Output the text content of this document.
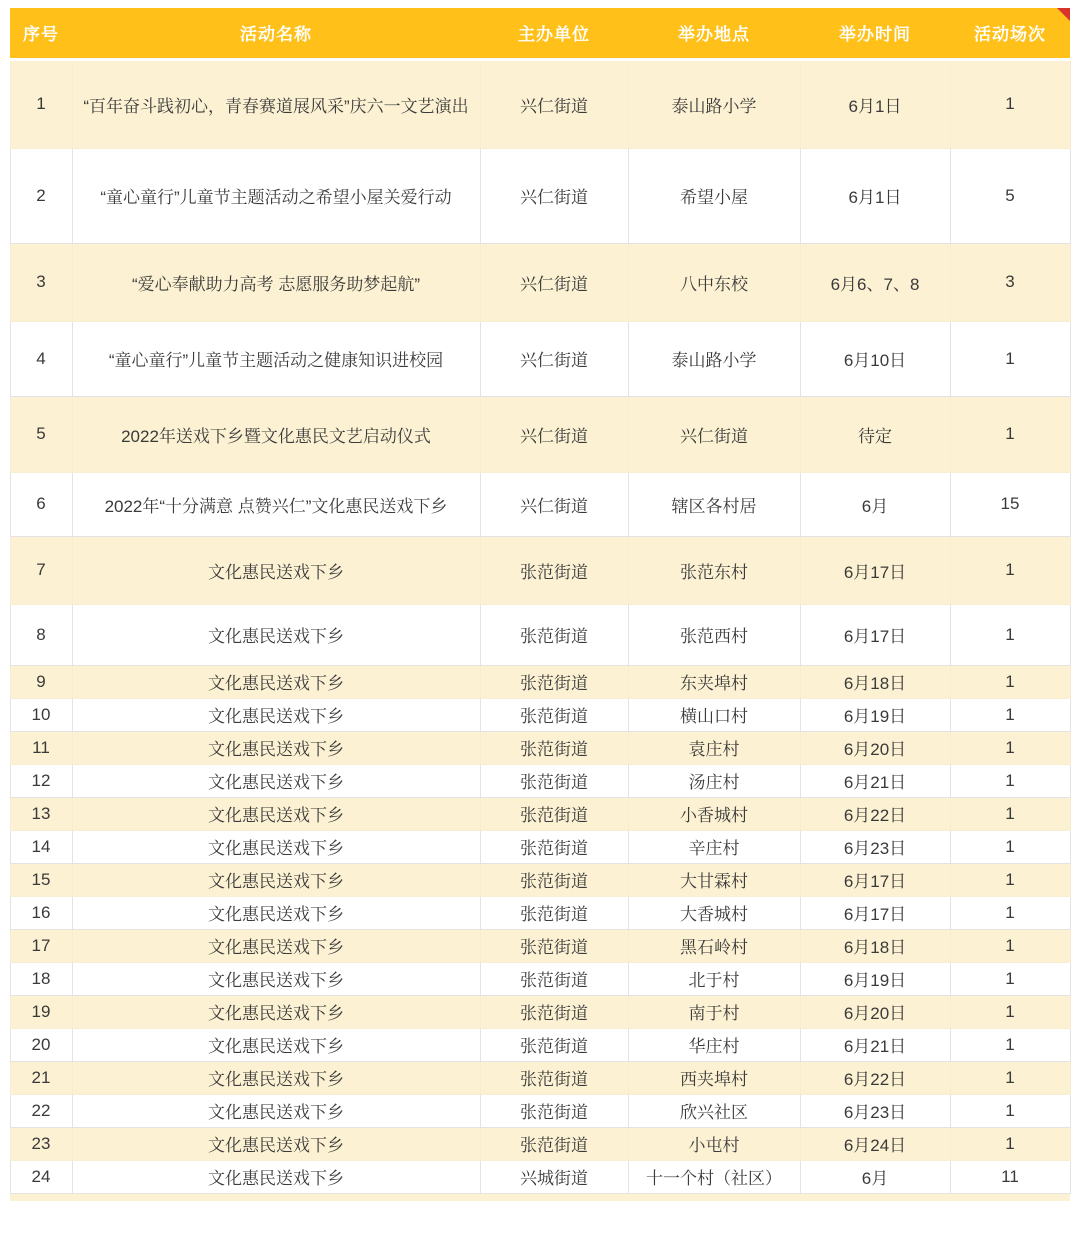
序号	活动名称	主办单位	举办地点	举办时间	活动场次

1	“百年奋斗践初心，青春赛道展风采”庆六一文艺演出	兴仁街道	泰山路小学	6月1日	1
2	“童心童行”儿童节主题活动之希望小屋关爱行动	兴仁街道	希望小屋	6月1日	5
3	“爱心奉献助力高考 志愿服务助梦起航”	兴仁街道	八中东校	6月6、7、8	3
4	“童心童行”儿童节主题活动之健康知识进校园	兴仁街道	泰山路小学	6月10日	1
5	2022年送戏下乡暨文化惠民文艺启动仪式	兴仁街道	兴仁街道	待定	1
6	2022年“十分满意 点赞兴仁”文化惠民送戏下乡	兴仁街道	辖区各村居	6月	15
7	文化惠民送戏下乡	张范街道	张范东村	6月17日	1
8	文化惠民送戏下乡	张范街道	张范西村	6月17日	1
9	文化惠民送戏下乡	张范街道	东夹埠村	6月18日	1
10	文化惠民送戏下乡	张范街道	横山口村	6月19日	1
11	文化惠民送戏下乡	张范街道	袁庄村	6月20日	1
12	文化惠民送戏下乡	张范街道	汤庄村	6月21日	1
13	文化惠民送戏下乡	张范街道	小香城村	6月22日	1
14	文化惠民送戏下乡	张范街道	辛庄村	6月23日	1
15	文化惠民送戏下乡	张范街道	大甘霖村	6月17日	1
16	文化惠民送戏下乡	张范街道	大香城村	6月17日	1
17	文化惠民送戏下乡	张范街道	黑石岭村	6月18日	1
18	文化惠民送戏下乡	张范街道	北于村	6月19日	1
19	文化惠民送戏下乡	张范街道	南于村	6月20日	1
20	文化惠民送戏下乡	张范街道	华庄村	6月21日	1
21	文化惠民送戏下乡	张范街道	西夹埠村	6月22日	1
22	文化惠民送戏下乡	张范街道	欣兴社区	6月23日	1
23	文化惠民送戏下乡	张范街道	小屯村	6月24日	1
24	文化惠民送戏下乡	兴城街道	十一个村（社区）	6月	11
